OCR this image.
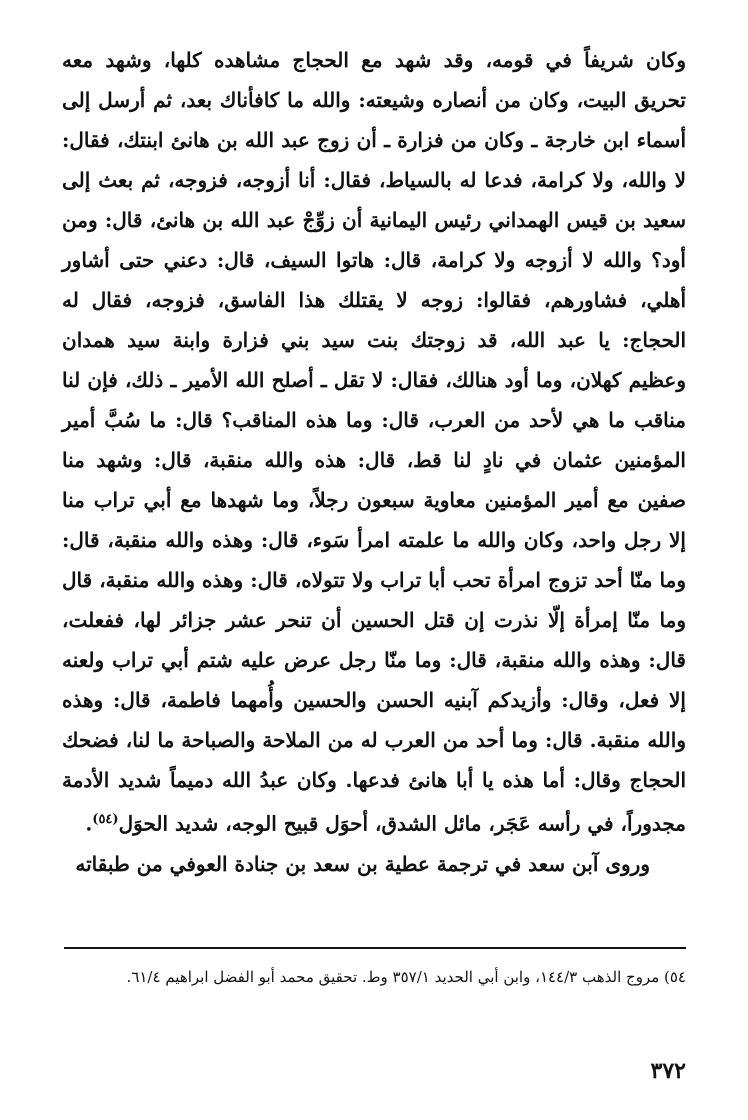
وكان شريفاً في قومه، وقد شهد مع الحجاج مشاهده كلها، وشهد معه تحريق البيت، وكان من أنصاره وشيعته: والله ما كافأناك بعد، ثم أرسل إلى أسماء ابن خارجة ـ وكان من فزارة ـ أن زوج عبد الله بن هانئ ابنتك، فقال: لا والله، ولا كرامة، فدعا له بالسياط، فقال: أنا أزوجه، فزوجه، ثم بعث إلى سعيد بن قيس الهمداني رئيس اليمانية أن زوِّجْ عبد الله بن هانئ، قال: ومن أود؟ والله لا أزوجه ولا كرامة، قال: هاتوا السيف، قال: دعني حتى أشاور أهلي، فشاورهم، فقالوا: زوجه لا يقتلك هذا الفاسق، فزوجه، فقال له الحجاج: يا عبد الله، قد زوجتك بنت سيد بني فزارة وابنة سيد همدان وعظيم كهلان، وما أود هنالك، فقال: لا تقل ـ أصلح الله الأمير ـ ذلك، فإن لنا مناقب ما هي لأحد من العرب، قال: وما هذه المناقب؟ قال: ما سُبَّ أمير المؤمنين عثمان في نادٍ لنا قط، قال: هذه والله منقبة، قال: وشهد منا صفين مع أمير المؤمنين معاوية سبعون رجلاً، وما شهدها مع أبي تراب منا إلا رجل واحد، وكان والله ما علمته امرأ سَوء، قال: وهذه والله منقبة، قال: وما منّا أحد تزوج امرأة تحب أبا تراب ولا تتولاه، قال: وهذه والله منقبة، قال وما منّا إمرأة إلّا نذرت إن قتل الحسين أن تنحر عشر جزائر لها، ففعلت، قال: وهذه والله منقبة، قال: وما منّا رجل عرض عليه شتم أبي تراب ولعنه إلا فعل، وقال: وأزيدكم آبنيه الحسن والحسين وأُمهما فاطمة، قال: وهذه والله منقبة. قال: وما أحد من العرب له من الملاحة والصباحة ما لنا، فضحك الحجاج وقال: أما هذه يا أبا هانئ فدعها. وكان عبدُ الله دميماً شديد الأدمة مجدوراً، في رأسه عَجَر، مائل الشدق، أحوَل قبيح الوجه، شديد الحوَل$^{(٥٤)}$.

وروى آبن سعد في ترجمة عطية بن سعد بن جنادة العوفي من طبقاته

٥٤) مروج الذهب ١٤٤/٣، وابن أبي الحديد ٣٥٧/١ وط. تحقيق محمد أبو الفضل ابراهيم ٦١/٤.

٣٧٢
